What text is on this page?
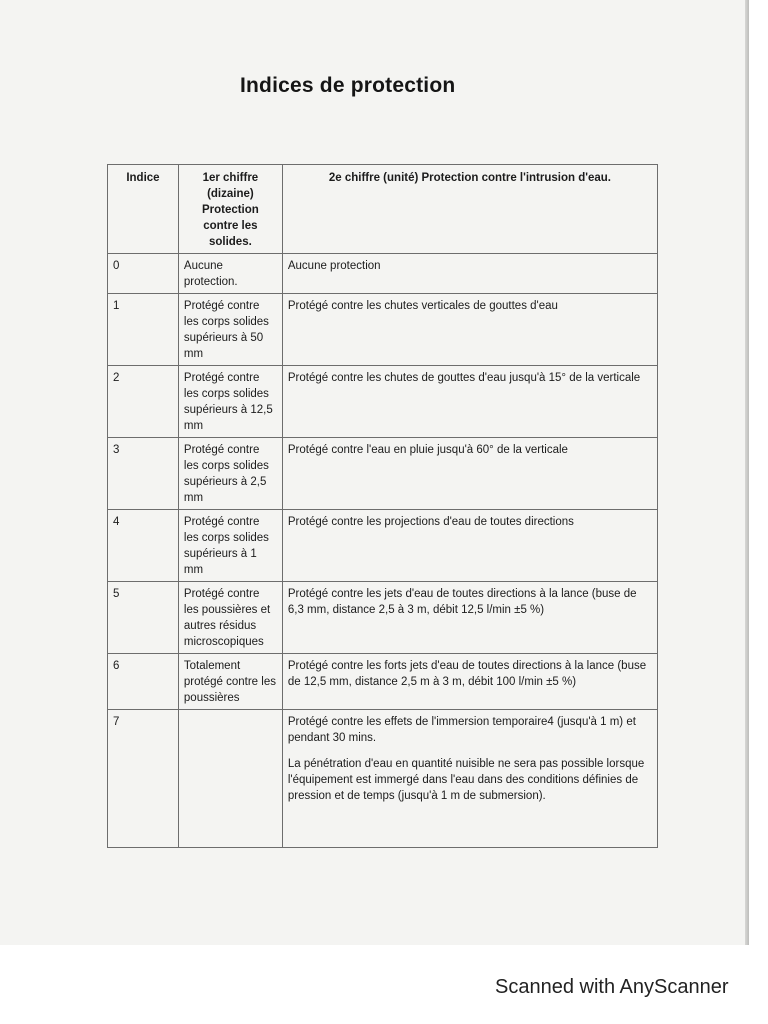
Indices de protection
Indice	1er chiffre (dizaine) Protection contre les solides.	2e chiffre (unité) Protection contre l'intrusion d'eau.
0	Aucune protection.	Aucune protection
1	Protégé contre les corps solides supérieurs à 50 mm	Protégé contre les chutes verticales de gouttes d'eau
2	Protégé contre les corps solides supérieurs à 12,5 mm	Protégé contre les chutes de gouttes d'eau jusqu'à 15° de la verticale
3	Protégé contre les corps solides supérieurs à 2,5 mm	Protégé contre l'eau en pluie jusqu'à 60° de la verticale
4	Protégé contre les corps solides supérieurs à 1 mm	Protégé contre les projections d'eau de toutes directions
5	Protégé contre les poussières et autres résidus microscopiques	Protégé contre les jets d'eau de toutes directions à la lance (buse de 6,3 mm, distance 2,5 à 3 m, débit 12,5 l/min ±5 %)
6	Totalement protégé contre les poussières	Protégé contre les forts jets d'eau de toutes directions à la lance (buse de 12,5 mm, distance 2,5 m à 3 m, débit 100 l/min ±5 %)
7		Protégé contre les effets de l'immersion temporaire4 (jusqu'à 1 m) et pendant 30 mins.
La pénétration d'eau en quantité nuisible ne sera pas possible lorsque l'équipement est immergé dans l'eau dans des conditions définies de pression et de temps (jusqu'à 1 m de submersion).
Scanned with AnyScanner
